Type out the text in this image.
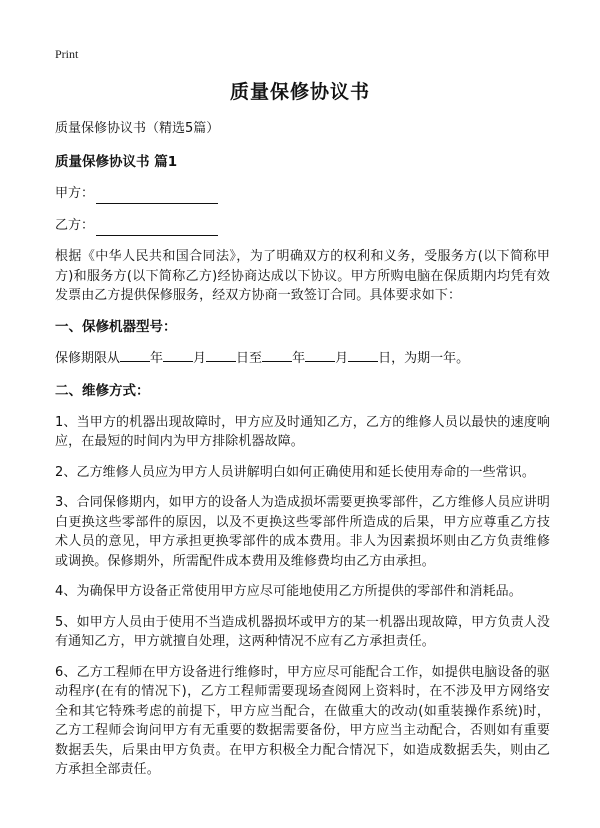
Print
质量保修协议书

质量保修协议书（精选5篇）

质量保修协议书 篇1

甲方：

乙方：

根据《中华人民共和国合同法》，为了明确双方的权利和义务，受服务方(以下简称甲方)和服务方(以下简称乙方)经协商达成以下协议。甲方所购电脑在保质期内均凭有效发票由乙方提供保修服务，经双方协商一致签订合同。具体要求如下：

一、保修机器型号：

保修期限从 年 月 日至 年 月 日，为期一年。

二、维修方式：

1、当甲方的机器出现故障时，甲方应及时通知乙方，乙方的维修人员以最快的速度响应，在最短的时间内为甲方排除机器故障。

2、乙方维修人员应为甲方人员讲解明白如何正确使用和延长使用寿命的一些常识。

3、合同保修期内，如甲方的设备人为造成损坏需要更换零部件，乙方维修人员应讲明白更换这些零部件的原因，以及不更换这些零部件所造成的后果，甲方应尊重乙方技术人员的意见，甲方承担更换零部件的成本费用。非人为因素损坏则由乙方负责维修或调换。保修期外，所需配件成本费用及维修费均由乙方由承担。

4、为确保甲方设备正常使用甲方应尽可能地使用乙方所提供的零部件和消耗品。

5、如甲方人员由于使用不当造成机器损坏或甲方的某一机器出现故障，甲方负责人没有通知乙方，甲方就擅自处理，这两种情况不应有乙方承担责任。

6、乙方工程师在甲方设备进行维修时，甲方应尽可能配合工作，如提供电脑设备的驱动程序(在有的情况下)，乙方工程师需要现场查阅网上资料时，在不涉及甲方网络安全和其它特殊考虑的前提下，甲方应当配合，在做重大的改动(如重装操作系统)时，乙方工程师会询问甲方有无重要的数据需要备份，甲方应当主动配合，否则如有重要数据丢失，后果由甲方负责。在甲方积极全力配合情况下，如造成数据丢失，则由乙方承担全部责任。
